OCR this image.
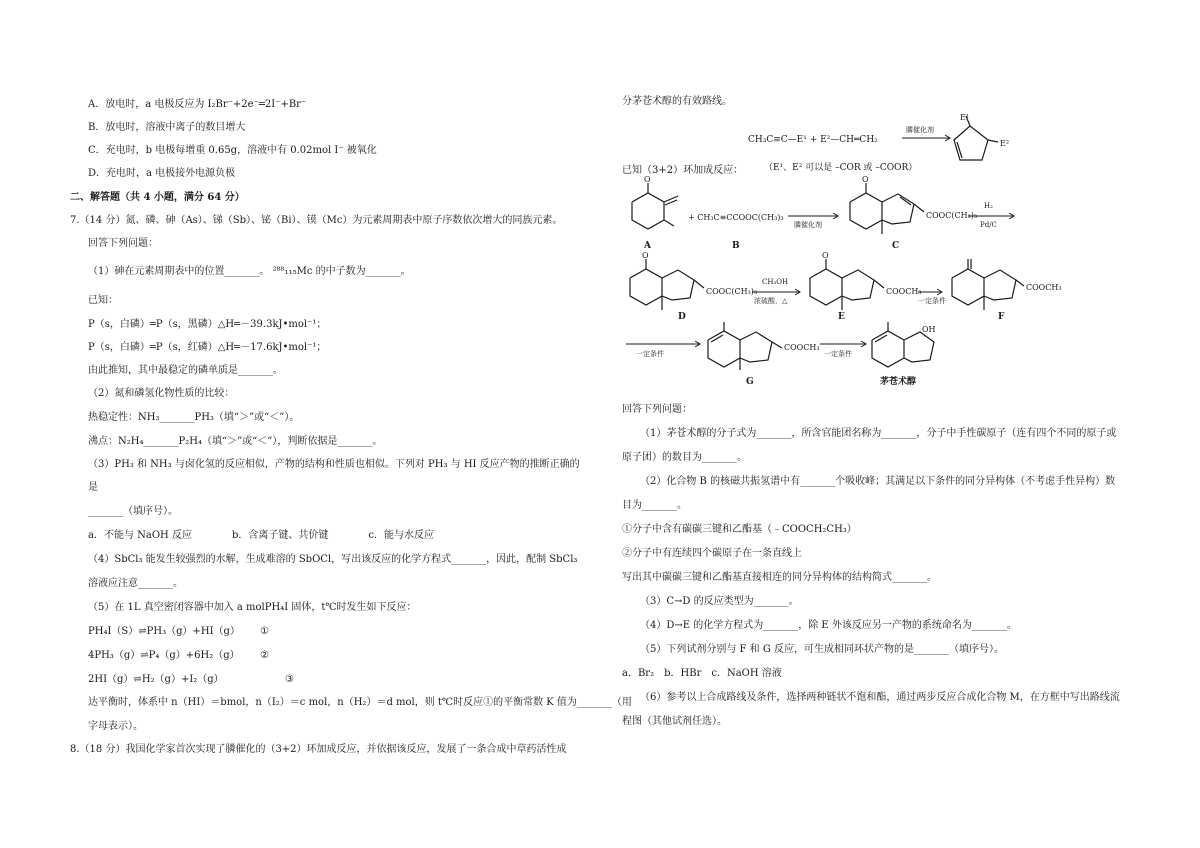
A．放电时，a 电极反应为 I₂Br⁻+2e⁻═2I⁻+Br⁻
B．放电时，溶液中离子的数目增大
C．充电时，b 电极每增重 0.65g，溶液中有 0.02mol I⁻ 被氧化
D．充电时，a 电极接外电源负极
二、解答题（共 4 小题，满分 64 分）
7.（14 分）氮、磷、砷（As）、锑（Sb）、铋（Bi）、镆（Mc）为元素周期表中原子序数依次增大的同族元素。
回答下列问题：
（1）砷在元素周期表中的位置_______。 ²⁸⁸₁₁₅Mc 的中子数为_______。
已知：
P（s，白磷）═P（s，黑磷）△H═－39.3kJ•mol⁻¹；
P（s，白磷）═P（s，红磷）△H═－17.6kJ•mol⁻¹；
由此推知，其中最稳定的磷单质是_______。
（2）氮和磷氢化物性质的比较：
热稳定性：NH₃_______PH₃（填“＞”或“＜”）。
沸点：N₂H₄_______P₂H₄（填“＞”或“＜”），判断依据是_______。
（3）PH₃ 和 NH₃ 与卤化氢的反应相似，产物的结构和性质也相似。下列对 PH₃ 与 HI 反应产物的推断正确的
是
_______（填序号）。
a．不能与 NaOH 反应　　　　b．含离子键、共价键　　　　c．能与水反应
（4）SbCl₃ 能发生较强烈的水解，生成难溶的 SbOCl，写出该反应的化学方程式_______，因此，配制 SbCl₃
溶液应注意_______。
（5）在 1L 真空密闭容器中加入 a molPH₄I 固体，t℃时发生如下反应：
PH₄I（S）⇌PH₃（g）+HI（g） ①
4PH₃（g）⇌P₄（g）+6H₂（g） ②
2HI（g）⇌H₂（g）+I₂（g）	③
达平衡时，体系中 n（HI）＝bmol，n（I₂）＝c mol，n（H₂）＝d mol，则 t℃时反应①的平衡常数 K 值为_______（用
字母表示）。
8.（18 分）我国化学家首次实现了膦催化的（3+2）环加成反应，并依据该反应，发展了一条合成中草药活性成
分茅苍术醇的有效路线。
CH₃C≡C—E¹ + E²—CH═CH₂
膦催化剂
E¹
E²
（E¹、E² 可以是 –COR 或 –COOR）
已知（3+2）环加成反应：
O
+ CH₃C≡CCOOC(CH₃)₃
膦催化剂
O
COOC(CH₃)₃
H₂
Pd/C
A	B	C
O
COOC(CH₃)₃
CH₃OH
浓硫酸，△
O
COOCH₃
一定条件
COOCH₃
D	E	F
一定条件
COOCH₃
一定条件
OH
G	茅苍术醇
回答下列问题：
（1）茅苍术醇的分子式为_______，所含官能团名称为_______，分子中手性碳原子（连有四个不同的原子或
原子团）的数目为_______。
（2）化合物 B 的核磁共振氢谱中有_______个吸收峰；其满足以下条件的同分异构体（不考虑手性异构）数
目为_______。
①分子中含有碳碳三键和乙酯基（﹣COOCH₂CH₃）
②分子中有连续四个碳原子在一条直线上
写出其中碳碳三键和乙酯基直接相连的同分异构体的结构简式_______。
（3）C→D 的反应类型为_______。
（4）D→E 的化学方程式为_______，除 E 外该反应另一产物的系统命名为_______。
（5）下列试剂分别与 F 和 G 反应，可生成相同环状产物的是_______（填序号）。
a．Br₂　b．HBr　c．NaOH 溶液
（6）参考以上合成路线及条件，选择两种链状不饱和酯，通过两步反应合成化合物 M，在方框中写出路线流
程图（其他试剂任选）。
